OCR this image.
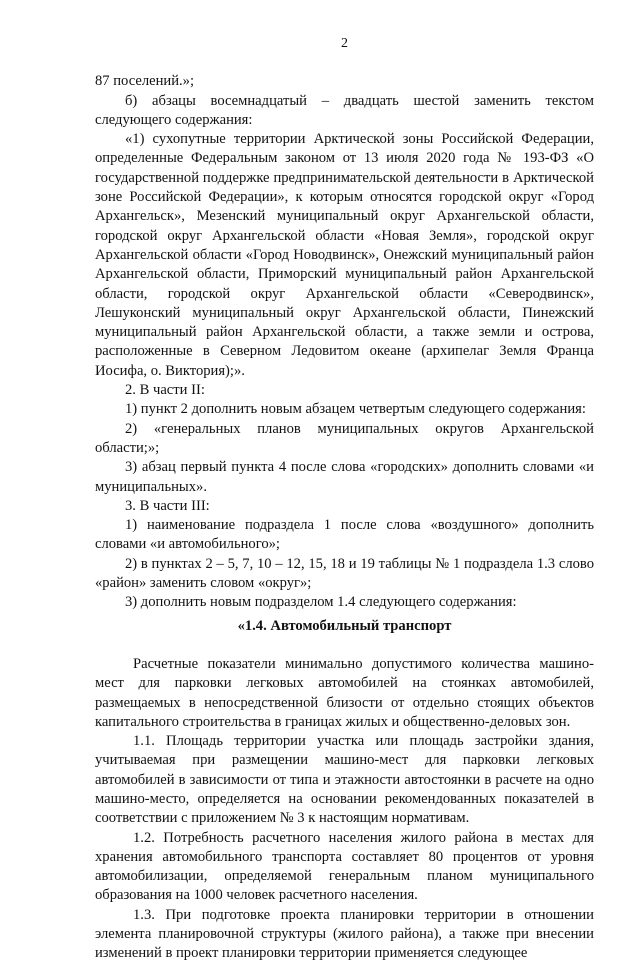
2

87 поселений.»;

б) абзацы восемнадцатый – двадцать шестой заменить текстом следующего содержания:

«1) сухопутные территории Арктической зоны Российской Федерации, определенные Федеральным законом от 13 июля 2020 года № 193-ФЗ «О государственной поддержке предпринимательской деятельности в Арктической зоне Российской Федерации», к которым относятся городской округ «Город Архангельск», Мезенский муниципальный округ Архангельской области, городской округ Архангельской области «Новая Земля», городской округ Архангельской области «Город Новодвинск», Онежский муниципальный район Архангельской области, Приморский муниципальный район Архангельской области, городской округ Архангельской области «Северодвинск», Лешуконский муниципальный округ Архангельской области, Пинежский муниципальный район Архангельской области, а также земли и острова, расположенные в Северном Ледовитом океане (архипелаг Земля Франца Иосифа, о. Виктория);».

2. В части II:

1) пункт 2 дополнить новым абзацем четвертым следующего содержания:

2) «генеральных планов муниципальных округов Архангельской области;»;

3) абзац первый пункта 4 после слова «городских» дополнить словами «и муниципальных».

3. В части III:

1) наименование подраздела 1 после слова «воздушного» дополнить словами «и автомобильного»;

2) в пунктах 2 – 5, 7, 10 – 12, 15, 18 и 19 таблицы № 1 подраздела 1.3 слово «район» заменить словом «округ»;

3) дополнить новым подразделом 1.4 следующего содержания:

«1.4. Автомобильный транспорт

Расчетные показатели минимально допустимого количества машино-мест для парковки легковых автомобилей на стоянках автомобилей, размещаемых в непосредственной близости от отдельно стоящих объектов капитального строительства в границах жилых и общественно-деловых зон.

1.1. Площадь территории участка или площадь застройки здания, учитываемая при размещении машино-мест для парковки легковых автомобилей в зависимости от типа и этажности автостоянки в расчете на одно машино-место, определяется на основании рекомендованных показателей в соответствии с приложением № 3 к настоящим нормативам.

1.2. Потребность расчетного населения жилого района в местах для хранения автомобильного транспорта составляет 80 процентов от уровня автомобилизации, определяемой генеральным планом муниципального образования на 1000 человек расчетного населения.

1.3. При подготовке проекта планировки территории в отношении элемента планировочной структуры (жилого района), а также при внесении изменений в проект планировки территории применяется следующее
